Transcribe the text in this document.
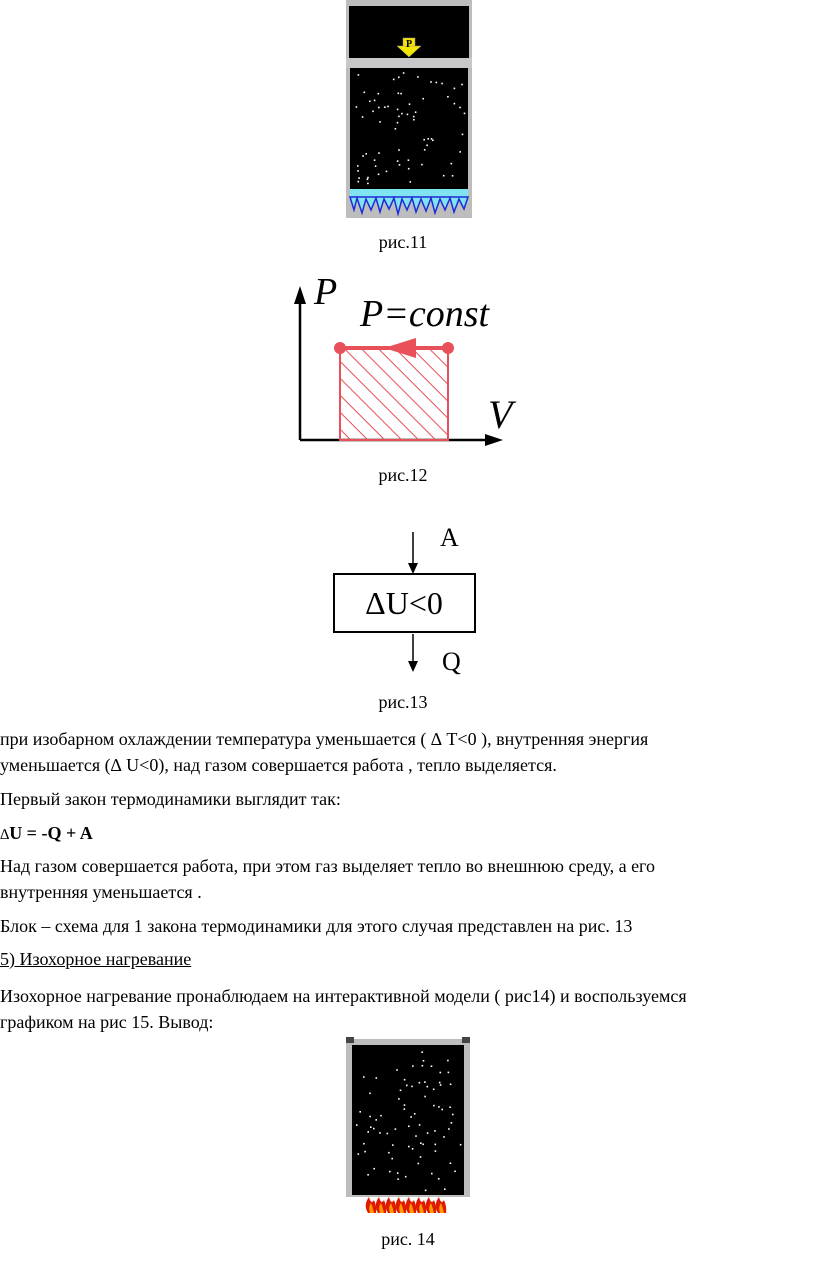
P
рис.11
P
V
P=const
рис.12
A
ΔU<0
Q
рис.13
при изобарном охлаждении температура уменьшается ( ∆ T<0 ), внутренняя энергия
уменьшается (∆ U<0), над газом совершается работа , тепло выделяется.
Первый закон термодинамики выглядит так:
∆U = -Q + A
Над газом совершается работа, при этом газ выделяет тепло во внешнюю среду, а его
внутренняя уменьшается .
Блок – схема для 1 закона термодинамики для этого случая представлен на рис. 13
5) Изохорное нагревание
Изохорное нагревание пронаблюдаем на интерактивной модели ( рис14) и воспользуемся
графиком на рис 15. Вывод:
рис. 14
